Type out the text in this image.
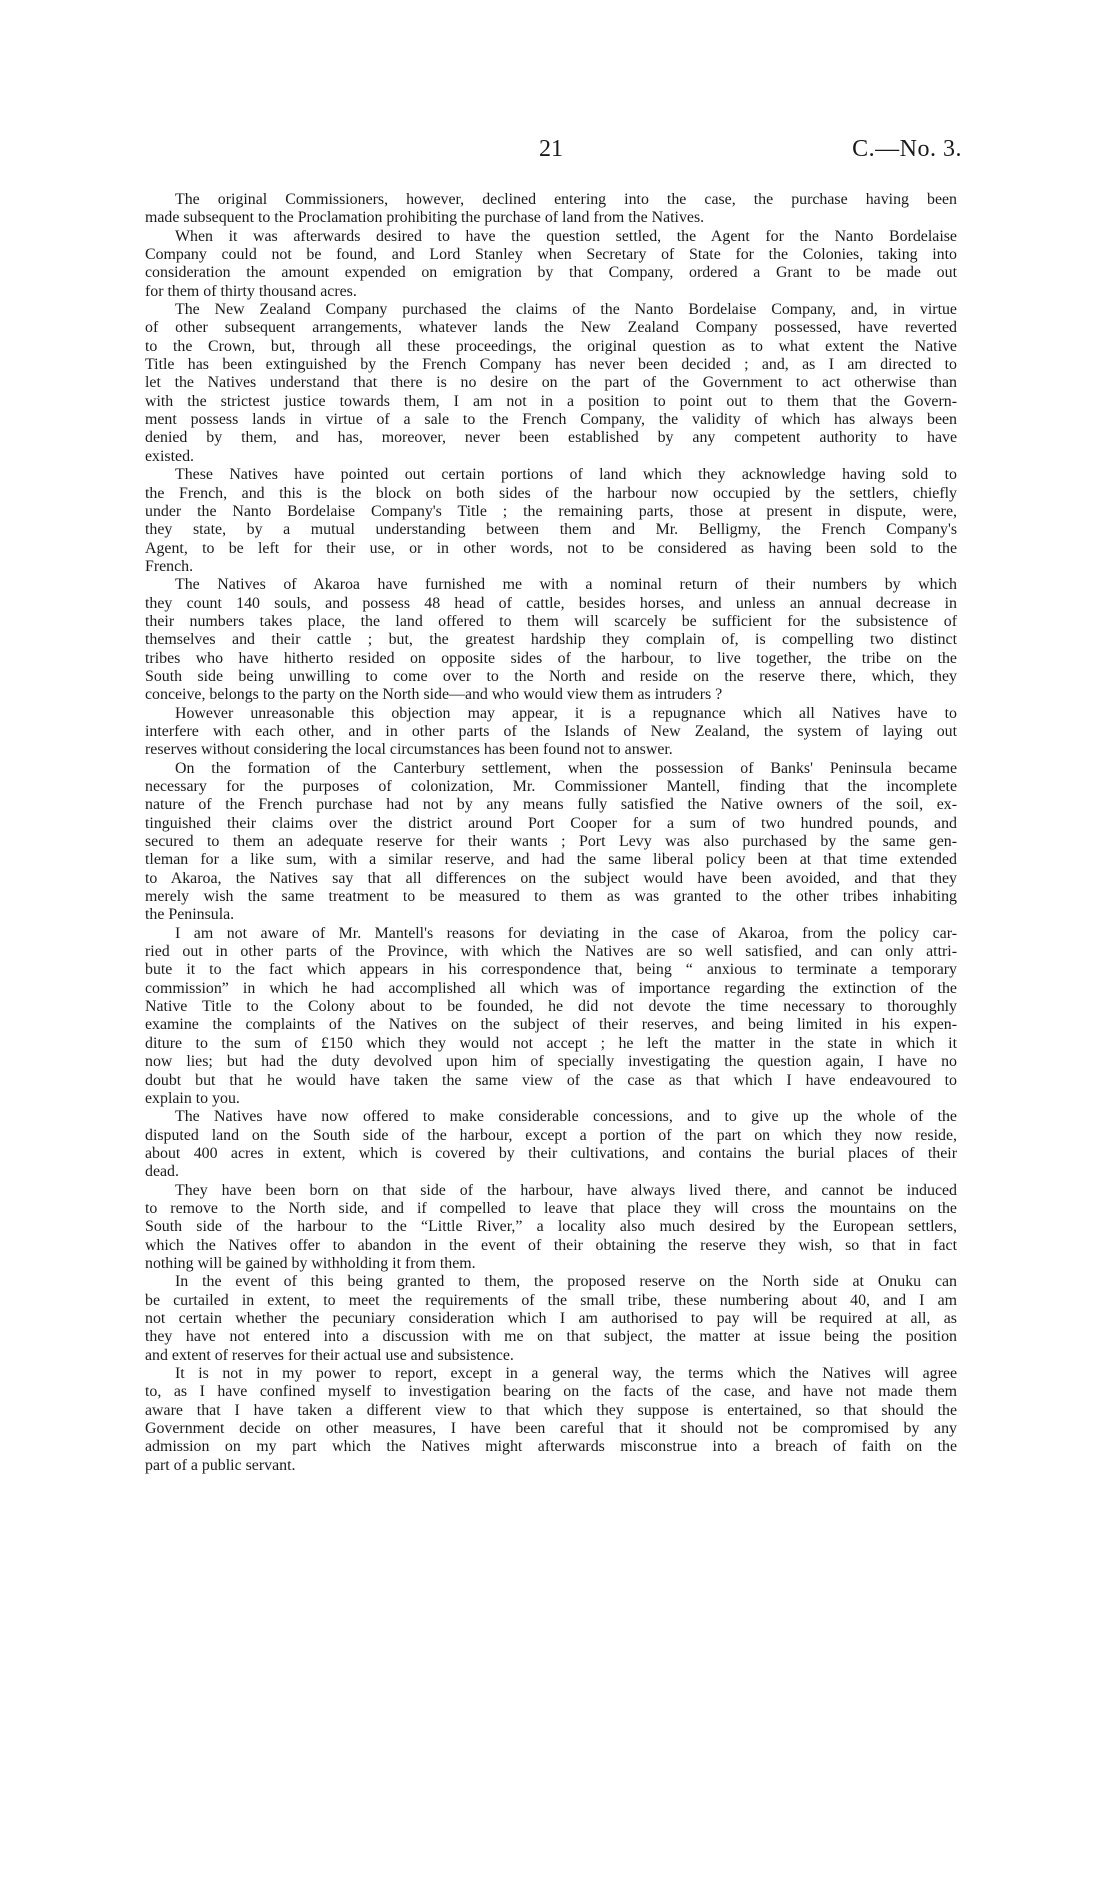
21	C.—No. 3.

The original Commissioners, however, declined entering into the case, the purchase having been
made subsequent to the Proclamation prohibiting the purchase of land from the Natives.

When it was afterwards desired to have the question settled, the Agent for the Nanto Bordelaise
Company could not be found, and Lord Stanley when Secretary of State for the Colonies, taking into
consideration the amount expended on emigration by that Company, ordered a Grant to be made out
for them of thirty thousand acres.

The New Zealand Company purchased the claims of the Nanto Bordelaise Company, and, in virtue
of other subsequent arrangements, whatever lands the New Zealand Company possessed, have reverted
to the Crown, but, through all these proceedings, the original question as to what extent the Native
Title has been extinguished by the French Company has never been decided ; and, as I am directed to
let the Natives understand that there is no desire on the part of the Government to act otherwise than
with the strictest justice towards them, I am not in a position to point out to them that the Govern-
ment possess lands in virtue of a sale to the French Company, the validity of which has always been
denied by them, and has, moreover, never been established by any competent authority to have
existed.

These Natives have pointed out certain portions of land which they acknowledge having sold to
the French, and this is the block on both sides of the harbour now occupied by the settlers, chiefly
under the Nanto Bordelaise Company's Title ; the remaining parts, those at present in dispute, were,
they state, by a mutual understanding between them and Mr. Belligmy, the French Company's
Agent, to be left for their use, or in other words, not to be considered as having been sold to the
French.

The Natives of Akaroa have furnished me with a nominal return of their numbers by which
they count 140 souls, and possess 48 head of cattle, besides horses, and unless an annual decrease in
their numbers takes place, the land offered to them will scarcely be sufficient for the subsistence of
themselves and their cattle ; but, the greatest hardship they complain of, is compelling two distinct
tribes who have hitherto resided on opposite sides of the harbour, to live together, the tribe on the
South side being unwilling to come over to the North and reside on the reserve there, which, they
conceive, belongs to the party on the North side—and who would view them as intruders ?

However unreasonable this objection may appear, it is a repugnance which all Natives have to
interfere with each other, and in other parts of the Islands of New Zealand, the system of laying out
reserves without considering the local circumstances has been found not to answer.

On the formation of the Canterbury settlement, when the possession of Banks' Peninsula became
necessary for the purposes of colonization, Mr. Commissioner Mantell, finding that the incomplete
nature of the French purchase had not by any means fully satisfied the Native owners of the soil, ex-
tinguished their claims over the district around Port Cooper for a sum of two hundred pounds, and
secured to them an adequate reserve for their wants ; Port Levy was also purchased by the same gen-
tleman for a like sum, with a similar reserve, and had the same liberal policy been at that time extended
to Akaroa, the Natives say that all differences on the subject would have been avoided, and that they
merely wish the same treatment to be measured to them as was granted to the other tribes inhabiting
the Peninsula.

I am not aware of Mr. Mantell's reasons for deviating in the case of Akaroa, from the policy car-
ried out in other parts of the Province, with which the Natives are so well satisfied, and can only attri-
bute it to the fact which appears in his correspondence that, being “ anxious to terminate a temporary
commission” in which he had accomplished all which was of importance regarding the extinction of the
Native Title to the Colony about to be founded, he did not devote the time necessary to thoroughly
examine the complaints of the Natives on the subject of their reserves, and being limited in his expen-
diture to the sum of £150 which they would not accept ; he left the matter in the state in which it
now lies; but had the duty devolved upon him of specially investigating the question again, I have no
doubt but that he would have taken the same view of the case as that which I have endeavoured to
explain to you.

The Natives have now offered to make considerable concessions, and to give up the whole of the
disputed land on the South side of the harbour, except a portion of the part on which they now reside,
about 400 acres in extent, which is covered by their cultivations, and contains the burial places of their
dead.

They have been born on that side of the harbour, have always lived there, and cannot be induced
to remove to the North side, and if compelled to leave that place they will cross the mountains on the
South side of the harbour to the “Little River,” a locality also much desired by the European settlers,
which the Natives offer to abandon in the event of their obtaining the reserve they wish, so that in fact
nothing will be gained by withholding it from them.

In the event of this being granted to them, the proposed reserve on the North side at Onuku can
be curtailed in extent, to meet the requirements of the small tribe, these numbering about 40, and I am
not certain whether the pecuniary consideration which I am authorised to pay will be required at all, as
they have not entered into a discussion with me on that subject, the matter at issue being the position
and extent of reserves for their actual use and subsistence.

It is not in my power to report, except in a general way, the terms which the Natives will agree
to, as I have confined myself to investigation bearing on the facts of the case, and have not made them
aware that I have taken a different view to that which they suppose is entertained, so that should the
Government decide on other measures, I have been careful that it should not be compromised by any
admission on my part which the Natives might afterwards misconstrue into a breach of faith on the
part of a public servant.
